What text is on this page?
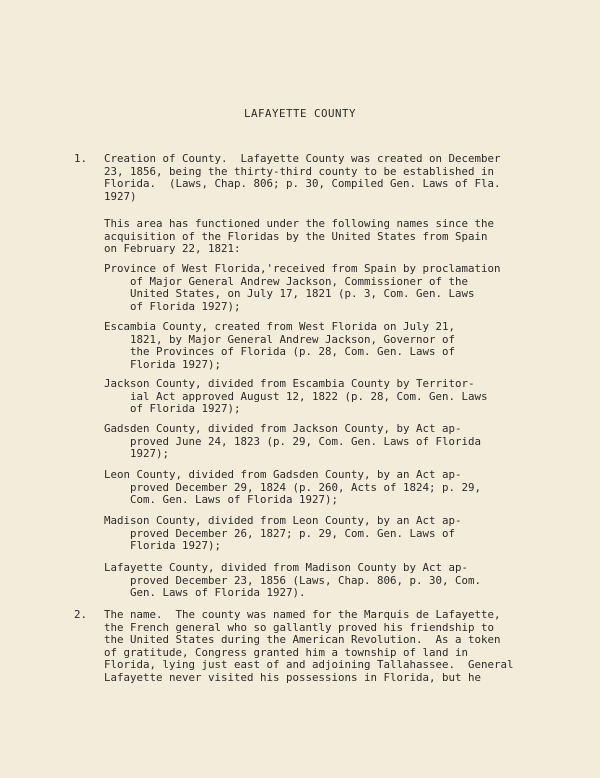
LAFAYETTE COUNTY
1.	Creation of County.  Lafayette County was created on December
23, 1856, being the thirty-third county to be established in
Florida.  (Laws, Chap. 806; p. 30, Compiled Gen. Laws of Fla.
1927)
This area has functioned under the following names since the
acquisition of the Floridas by the United States from Spain
on February 22, 1821:
Province of West Florida,'received from Spain by proclamation
of Major General Andrew Jackson, Commissioner of the
United States, on July 17, 1821 (p. 3, Com. Gen. Laws
of Florida 1927);
Escambia County, created from West Florida on July 21,
1821, by Major General Andrew Jackson, Governor of
the Provinces of Florida (p. 28, Com. Gen. Laws of
Florida 1927);
Jackson County, divided from Escambia County by Territor-
ial Act approved August 12, 1822 (p. 28, Com. Gen. Laws
of Florida 1927);
Gadsden County, divided from Jackson County, by Act ap-
proved June 24, 1823 (p. 29, Com. Gen. Laws of Florida
1927);
Leon County, divided from Gadsden County, by an Act ap-
proved December 29, 1824 (p. 260, Acts of 1824; p. 29,
Com. Gen. Laws of Florida 1927);
Madison County, divided from Leon County, by an Act ap-
proved December 26, 1827; p. 29, Com. Gen. Laws of
Florida 1927);
Lafayette County, divided from Madison County by Act ap-
proved December 23, 1856 (Laws, Chap. 806, p. 30, Com.
Gen. Laws of Florida 1927).
2.	The name.  The county was named for the Marquis de Lafayette,
the French general who so gallantly proved his friendship to
the United States during the American Revolution.  As a token
of gratitude, Congress granted him a township of land in
Florida, lying just east of and adjoining Tallahassee.  General
Lafayette never visited his possessions in Florida, but he
